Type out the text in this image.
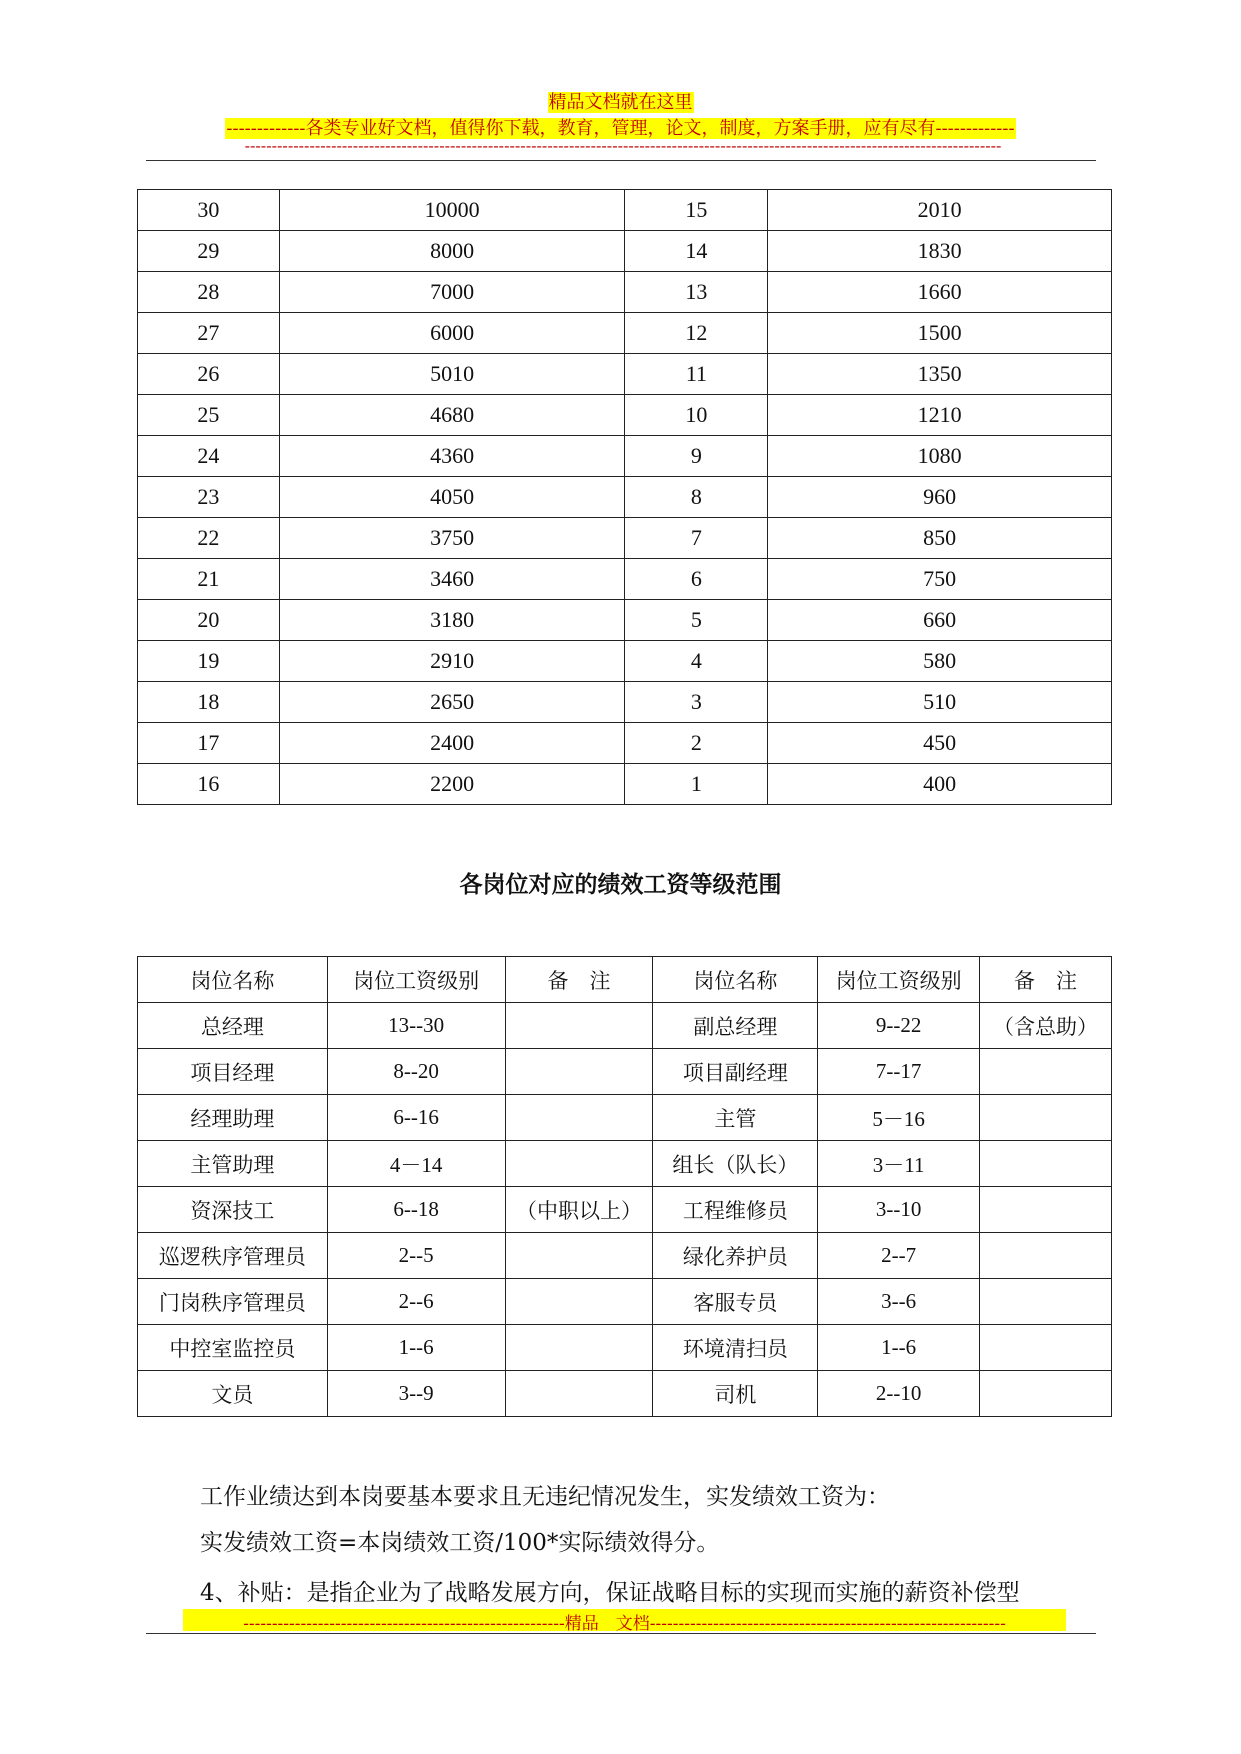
精品文档就在这里
-------------各类专业好文档，值得你下载，教育，管理，论文，制度，方案手册，应有尽有-------------
--------------------------------------------------------------------------------------------------------------------------------------------
30	10000	15	2010
29	8000	14	1830
28	7000	13	1660
27	6000	12	1500
26	5010	11	1350
25	4680	10	1210
24	4360	9	1080
23	4050	8	960
22	3750	7	850
21	3460	6	750
20	3180	5	660
19	2910	4	580
18	2650	3	510
17	2400	2	450
16	2200	1	400
各岗位对应的绩效工资等级范围
岗位名称	岗位工资级别	备　注	岗位名称	岗位工资级别	备　注
总经理	13--30		副总经理	9--22	（含总助）
项目经理	8--20		项目副经理	7--17	
经理助理	6--16		主管	5－16	
主管助理	4－14		组长（队长）	3－11	
资深技工	6--18	（中职以上）	工程维修员	3--10	
巡逻秩序管理员	2--5		绿化养护员	2--7	
门岗秩序管理员	2--6		客服专员	3--6	
中控室监控员	1--6		环境清扫员	1--6	
文员	3--9		司机	2--10	
工作业绩达到本岗要基本要求且无违纪情况发生，实发绩效工资为：
实发绩效工资=本岗绩效工资/100*实际绩效得分。
4、补贴：是指企业为了战略发展方向，保证战略目标的实现而实施的薪资补偿型
--------------------------------------------------------精品　文档--------------------------------------------------------------
